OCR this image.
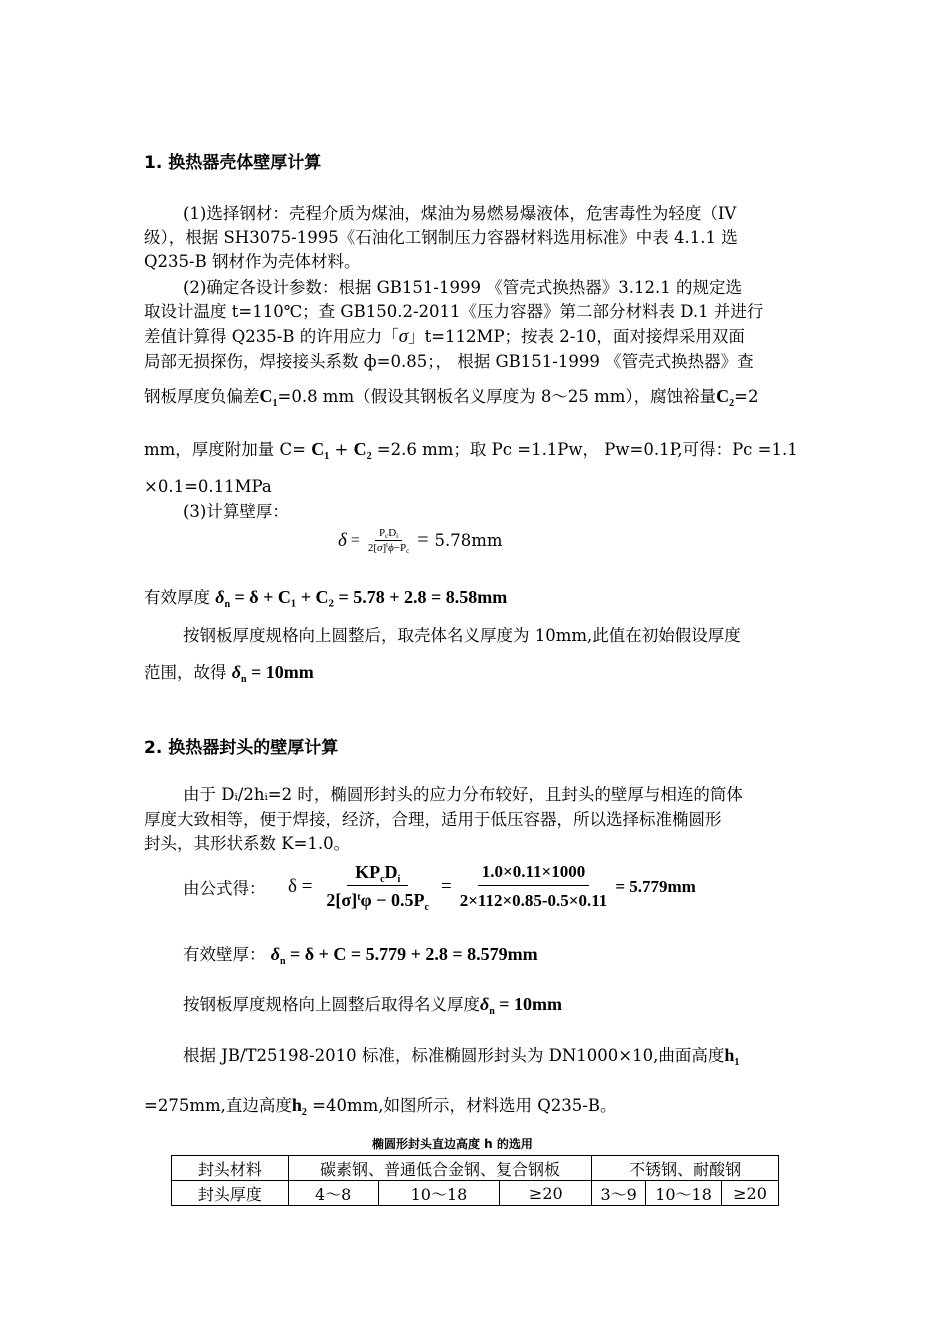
1. 换热器壳体壁厚计算
(1)选择钢材：壳程介质为煤油，煤油为易燃易爆液体，危害毒性为轻度（IV
级），根据 SH3075-1995《石油化工钢制压力容器材料选用标准》中表 4.1.1 选
Q235-B 钢材作为壳体材料。
(2)确定各设计参数：根据 GB151-1999 《管壳式换热器》3.12.1 的规定选
取设计温度 t=110℃；查 GB150.2-2011《压力容器》第二部分材料表 D.1 并进行
差值计算得 Q235-B 的许用应力「σ」t=112MP；按表 2-10，面对接焊采用双面
局部无损探伤，焊接接头系数 ф=0.85；， 根据 GB151-1999 《管壳式换热器》查
钢板厚度负偏差$C_1=0.8$ mm（假设其钢板名义厚度为 8～25 mm），腐蚀裕量$C_2=2$
mm，厚度附加量 $C= C_1 + C_2 =2.6$ mm；取 Pc =1.1Pw， Pw=0.1P,可得：Pc =1.1
×0.1=0.11MPa
(3)计算壁厚：
$\delta = \frac{P_cD_i}{2[\sigma]^t\phi-P_c} = 5.78mm$
有效厚度 $\delta_n = \delta + C_1 + C_2 = 5.78 + 2.8 = 8.58mm$
按钢板厚度规格向上圆整后，取壳体名义厚度为 10mm,此值在初始假设厚度
范围，故得 $\delta_n = 10mm$
2. 换热器封头的壁厚计算
由于 Dᵢ/2hᵢ=2 时，椭圆形封头的应力分布较好，且封头的壁厚与相连的筒体
厚度大致相等，便于焊接，经济，合理，适用于低压容器，所以选择标准椭圆形
封头，其形状系数 K=1.0。
由公式得： $\delta = \frac{KP_cD_i}{2[\sigma]^t\varphi - 0.5P_c} = \frac{1.0\times 0.11\times 1000}{2\times 112\times 0.85-0.5\times 0.11} = 5.779mm$
有效壁厚： $\delta_n = \delta + C = 5.779 + 2.8 = 8.579mm$
按钢板厚度规格向上圆整后取得名义厚度$\delta_n = 10mm$
根据 JB/T25198-2010 标准，标准椭圆形封头为 DN1000×10,曲面高度$h_1$
=275mm,直边高度$h_2 =40mm$,如图所示，材料选用 Q235-B。
椭圆形封头直边高度 h 的选用
封头材料	碳素钢、普通低合金钢、复合钢板			不锈钢、耐酸钢		
封头厚度	4～8	10～18	≥20	3～9	10～18	≥20
